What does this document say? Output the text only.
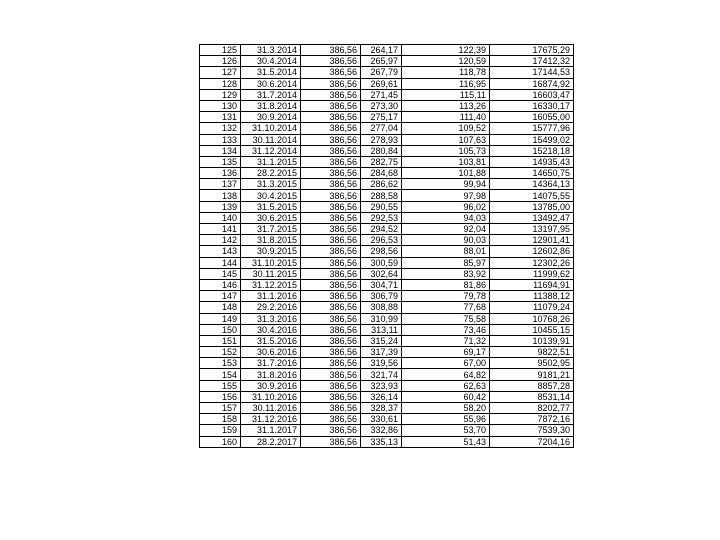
125	31.3.2014	386,56	264,17	122,39	17675,29
126	30.4.2014	386,56	265,97	120,59	17412,32
127	31.5.2014	386,56	267,79	118,78	17144,53
128	30.6.2014	386,56	269,61	116,95	16874,92
129	31.7.2014	386,56	271,45	115,11	16603,47
130	31.8.2014	386,56	273,30	113,26	16330,17
131	30.9.2014	386,56	275,17	111,40	16055,00
132	31.10.2014	386,56	277,04	109,52	15777,96
133	30.11.2014	386,56	278,93	107,63	15499,02
134	31.12.2014	386,56	280,84	105,73	15218,18
135	31.1.2015	386,56	282,75	103,81	14935,43
136	28.2.2015	386,56	284,68	101,88	14650,75
137	31.3.2015	386,56	286,62	99,94	14364,13
138	30.4.2015	386,56	288,58	97,98	14075,55
139	31.5.2015	386,56	290,55	96,02	13785,00
140	30.6.2015	386,56	292,53	94,03	13492,47
141	31.7.2015	386,56	294,52	92,04	13197,95
142	31.8.2015	386,56	296,53	90,03	12901,41
143	30.9.2015	386,56	298,56	88,01	12602,86
144	31.10.2015	386,56	300,59	85,97	12302,26
145	30.11.2015	386,56	302,64	83,92	11999,62
146	31.12.2015	386,56	304,71	81,86	11694,91
147	31.1.2016	386,56	306,79	79,78	11388,12
148	29.2.2016	386,56	308,88	77,68	11079,24
149	31.3.2016	386,56	310,99	75,58	10768,26
150	30.4.2016	386,56	313,11	73,46	10455,15
151	31.5.2016	386,56	315,24	71,32	10139,91
152	30.6.2016	386,56	317,39	69,17	9822,51
153	31.7.2016	386,56	319,56	67,00	9502,95
154	31.8.2016	386,56	321,74	64,82	9181,21
155	30.9.2016	386,56	323,93	62,63	8857,28
156	31.10.2016	386,56	326,14	60,42	8531,14
157	30.11.2016	386,56	328,37	58,20	8202,77
158	31.12.2016	386,56	330,61	55,96	7872,16
159	31.1.2017	386,56	332,86	53,70	7539,30
160	28.2.2017	386,56	335,13	51,43	7204,16
